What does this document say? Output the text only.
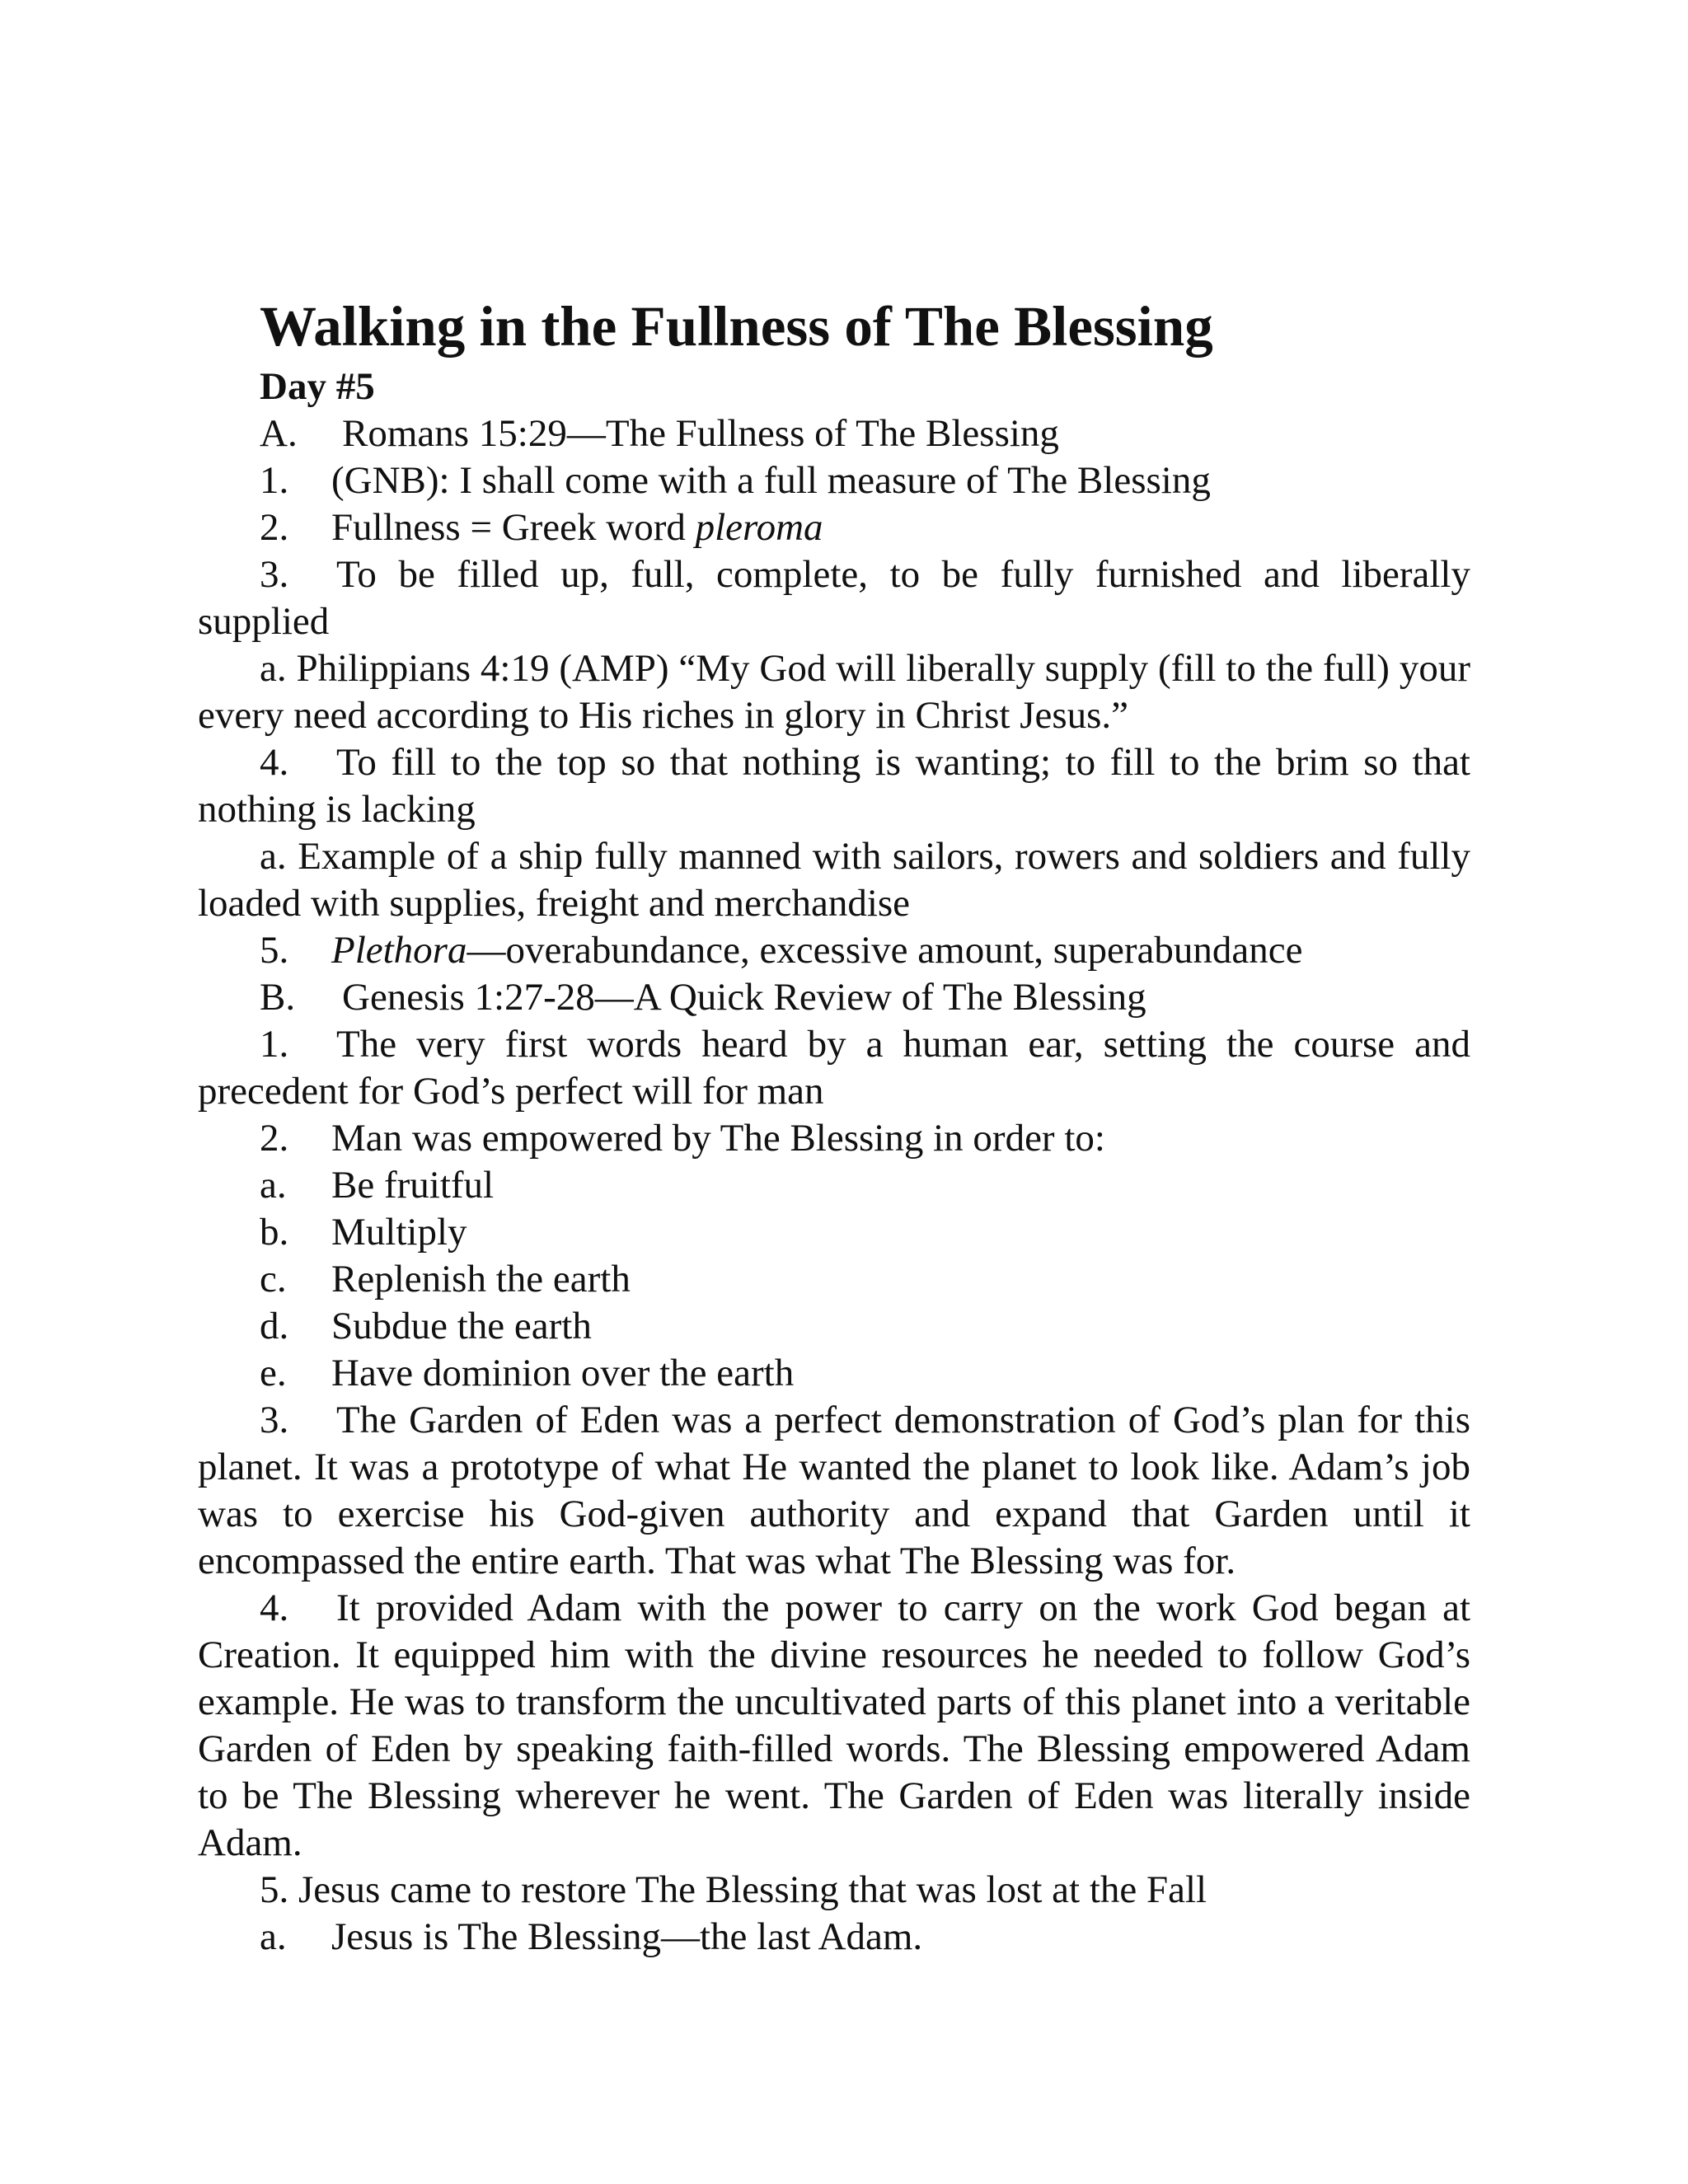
Walking in the Fullness of The Blessing
Day #5
A. Romans 15:29—The Fullness of The Blessing
1. (GNB): I shall come with a full measure of The Blessing
2. Fullness = Greek word pleroma

3. To be filled up, full, complete, to be fully furnished and liberally supplied

a. Philippians 4:19 (AMP) “My God will liberally supply (fill to the full) your every need according to His riches in glory in Christ Jesus.”

4. To fill to the top so that nothing is wanting; to fill to the brim so that nothing is lacking

a. Example of a ship fully manned with sailors, rowers and soldiers and fully loaded with supplies, freight and merchandise

5. Plethora—overabundance, excessive amount, superabundance
B. Genesis 1:27-28—A Quick Review of The Blessing

1. The very first words heard by a human ear, setting the course and precedent for God’s perfect will for man

2. Man was empowered by The Blessing in order to:
a. Be fruitful
b. Multiply
c. Replenish the earth
d. Subdue the earth
e. Have dominion over the earth

3. The Garden of Eden was a perfect demonstration of God’s plan for this planet. It was a prototype of what He wanted the planet to look like. Adam’s job was to exercise his God-given authority and expand that Garden until it encompassed the entire earth. That was what The Blessing was for.

4. It provided Adam with the power to carry on the work God began at Creation. It equipped him with the divine resources he needed to follow God’s example. He was to transform the uncultivated parts of this planet into a veritable Garden of Eden by speaking faith-filled words. The Blessing empowered Adam to be The Blessing wherever he went. The Garden of Eden was literally inside Adam.

5. Jesus came to restore The Blessing that was lost at the Fall
a. Jesus is The Blessing—the last Adam.
